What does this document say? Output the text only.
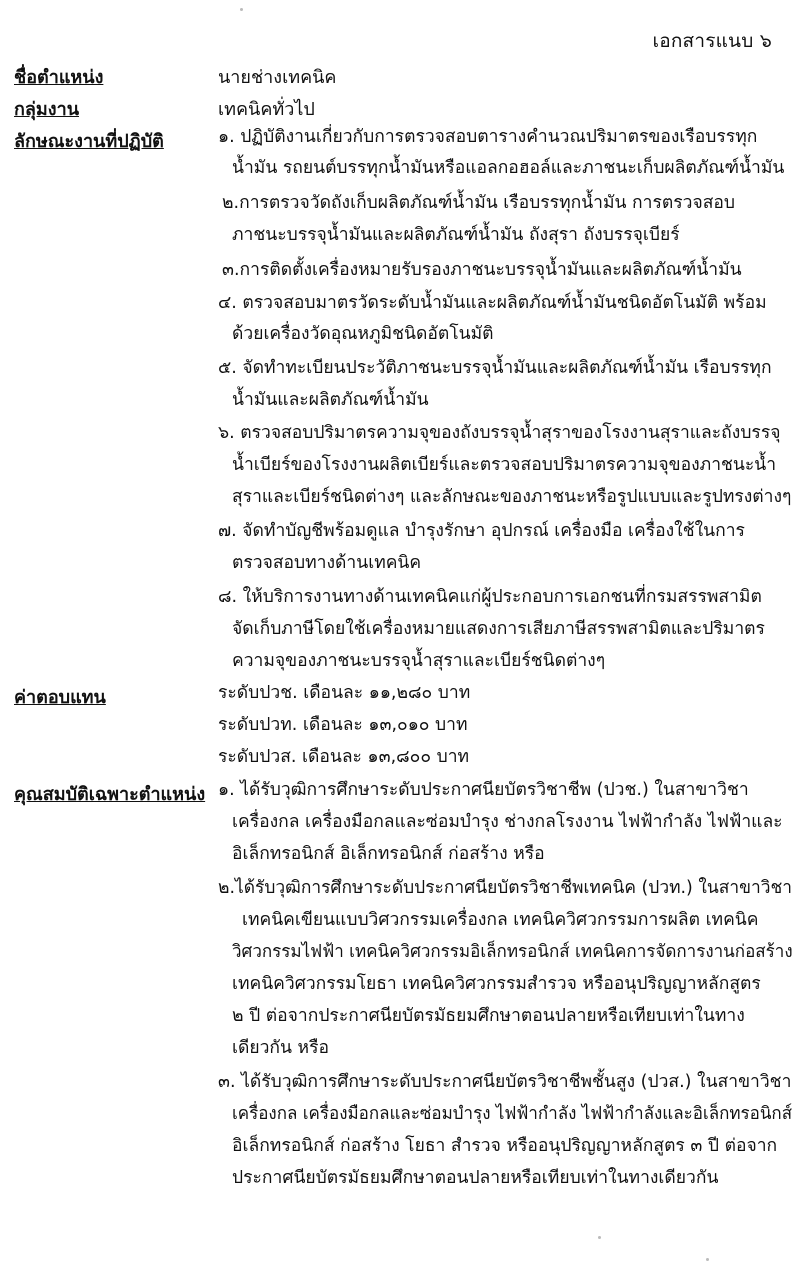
เอกสารแนบ ๖
ชื่อตำแหน่ง	นายช่างเทคนิค
กลุ่มงาน	เทคนิคทั่วไป
ลักษณะงานที่ปฏิบัติ	๑. ปฏิบัติงานเกี่ยวกับการตรวจสอบตารางคำนวณปริมาตรของเรือบรรทุก
น้ำมัน รถยนต์บรรทุกน้ำมันหรือแอลกอฮอล์และภาชนะเก็บผลิตภัณฑ์น้ำมัน
๒.การตรวจวัดถังเก็บผลิตภัณฑ์น้ำมัน เรือบรรทุกน้ำมัน การตรวจสอบ
ภาชนะบรรจุน้ำมันและผลิตภัณฑ์น้ำมัน ถังสุรา ถังบรรจุเบียร์
๓.การติดตั้งเครื่องหมายรับรองภาชนะบรรจุน้ำมันและผลิตภัณฑ์น้ำมัน
๔. ตรวจสอบมาตรวัดระดับน้ำมันและผลิตภัณฑ์น้ำมันชนิดอัตโนมัติ พร้อม
ด้วยเครื่องวัดอุณหภูมิชนิดอัตโนมัติ
๕. จัดทำทะเบียนประวัติภาชนะบรรจุน้ำมันและผลิตภัณฑ์น้ำมัน เรือบรรทุก
น้ำมันและผลิตภัณฑ์น้ำมัน
๖. ตรวจสอบปริมาตรความจุของถังบรรจุน้ำสุราของโรงงานสุราและถังบรรจุ
น้ำเบียร์ของโรงงานผลิตเบียร์และตรวจสอบปริมาตรความจุของภาชนะน้ำ
สุราและเบียร์ชนิดต่างๆ และลักษณะของภาชนะหรือรูปแบบและรูปทรงต่างๆ
๗. จัดทำบัญชีพร้อมดูแล บำรุงรักษา อุปกรณ์ เครื่องมือ เครื่องใช้ในการ
ตรวจสอบทางด้านเทคนิค
๘. ให้บริการงานทางด้านเทคนิคแก่ผู้ประกอบการเอกชนที่กรมสรรพสามิต
จัดเก็บภาษีโดยใช้เครื่องหมายแสดงการเสียภาษีสรรพสามิตและปริมาตร
ความจุของภาชนะบรรจุน้ำสุราและเบียร์ชนิดต่างๆ
ค่าตอบแทน	ระดับปวช. เดือนละ ๑๑,๒๘๐ บาท
ระดับปวท. เดือนละ ๑๓,๐๑๐ บาท
ระดับปวส. เดือนละ ๑๓,๘๐๐ บาท
คุณสมบัติเฉพาะตำแหน่ง ๑. ได้รับวุฒิการศึกษาระดับประกาศนียบัตรวิชาชีพ (ปวช.) ในสาขาวิชา
เครื่องกล เครื่องมือกลและซ่อมบำรุง ช่างกลโรงงาน ไฟฟ้ากำลัง ไฟฟ้าและ
อิเล็กทรอนิกส์ อิเล็กทรอนิกส์ ก่อสร้าง หรือ
๒.ได้รับวุฒิการศึกษาระดับประกาศนียบัตรวิชาชีพเทคนิค (ปวท.) ในสาขาวิชา
เทคนิคเขียนแบบวิศวกรรมเครื่องกล เทคนิควิศวกรรมการผลิต เทคนิค
วิศวกรรมไฟฟ้า เทคนิควิศวกรรมอิเล็กทรอนิกส์ เทคนิคการจัดการงานก่อสร้าง
เทคนิควิศวกรรมโยธา เทคนิควิศวกรรมสำรวจ หรืออนุปริญญาหลักสูตร
๒ ปี ต่อจากประกาศนียบัตรมัธยมศึกษาตอนปลายหรือเทียบเท่าในทาง
เดียวกัน หรือ
๓. ได้รับวุฒิการศึกษาระดับประกาศนียบัตรวิชาชีพชั้นสูง (ปวส.) ในสาขาวิชา
เครื่องกล เครื่องมือกลและซ่อมบำรุง ไฟฟ้ากำลัง ไฟฟ้ากำลังและอิเล็กทรอนิกส์
อิเล็กทรอนิกส์ ก่อสร้าง โยธา สำรวจ หรืออนุปริญญาหลักสูตร ๓ ปี ต่อจาก
ประกาศนียบัตรมัธยมศึกษาตอนปลายหรือเทียบเท่าในทางเดียวกัน
